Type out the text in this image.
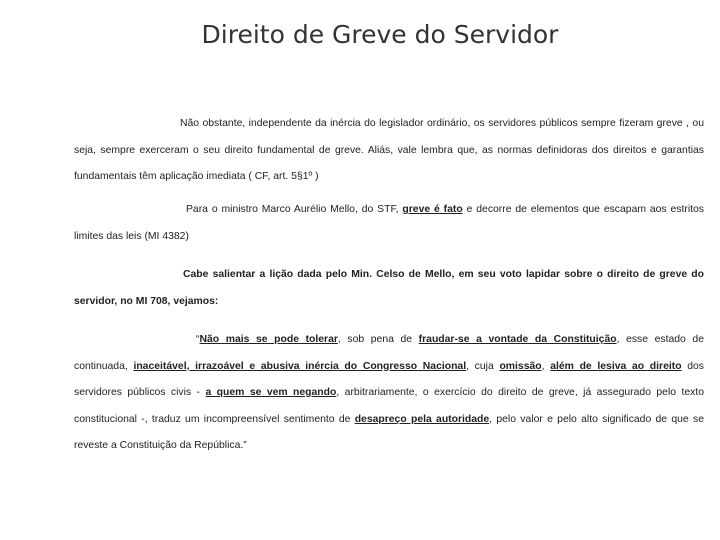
Direito de Greve do Servidor
Não obstante, independente da inércia do legislador ordinário, os servidores públicos sempre fizeram greve , ou seja, sempre exerceram o seu direito fundamental de greve. Aliás, vale lembra que, as normas definidoras dos direitos e garantias fundamentais têm aplicação imediata ( CF, art. 5§1º )
Para o ministro Marco Aurélio Mello, do STF, greve é fato e decorre de elementos que escapam aos estritos limites das leis (MI 4382)
Cabe salientar a lição dada pelo Min. Celso de Mello, em seu voto lapidar sobre o direito de greve do servidor, no MI 708, vejamos:
“Não mais se pode tolerar, sob pena de fraudar-se a vontade da Constituição, esse estado de continuada, inaceitável, irrazoável e abusiva inércia do Congresso Nacional, cuja omissão, além de lesiva ao direito dos servidores públicos civis - a quem se vem negando, arbitrariamente, o exercício do direito de greve, já assegurado pelo texto constitucional -, traduz um incompreensível sentimento de desapreço pela autoridade, pelo valor e pelo alto significado de que se reveste a Constituição da República.”
